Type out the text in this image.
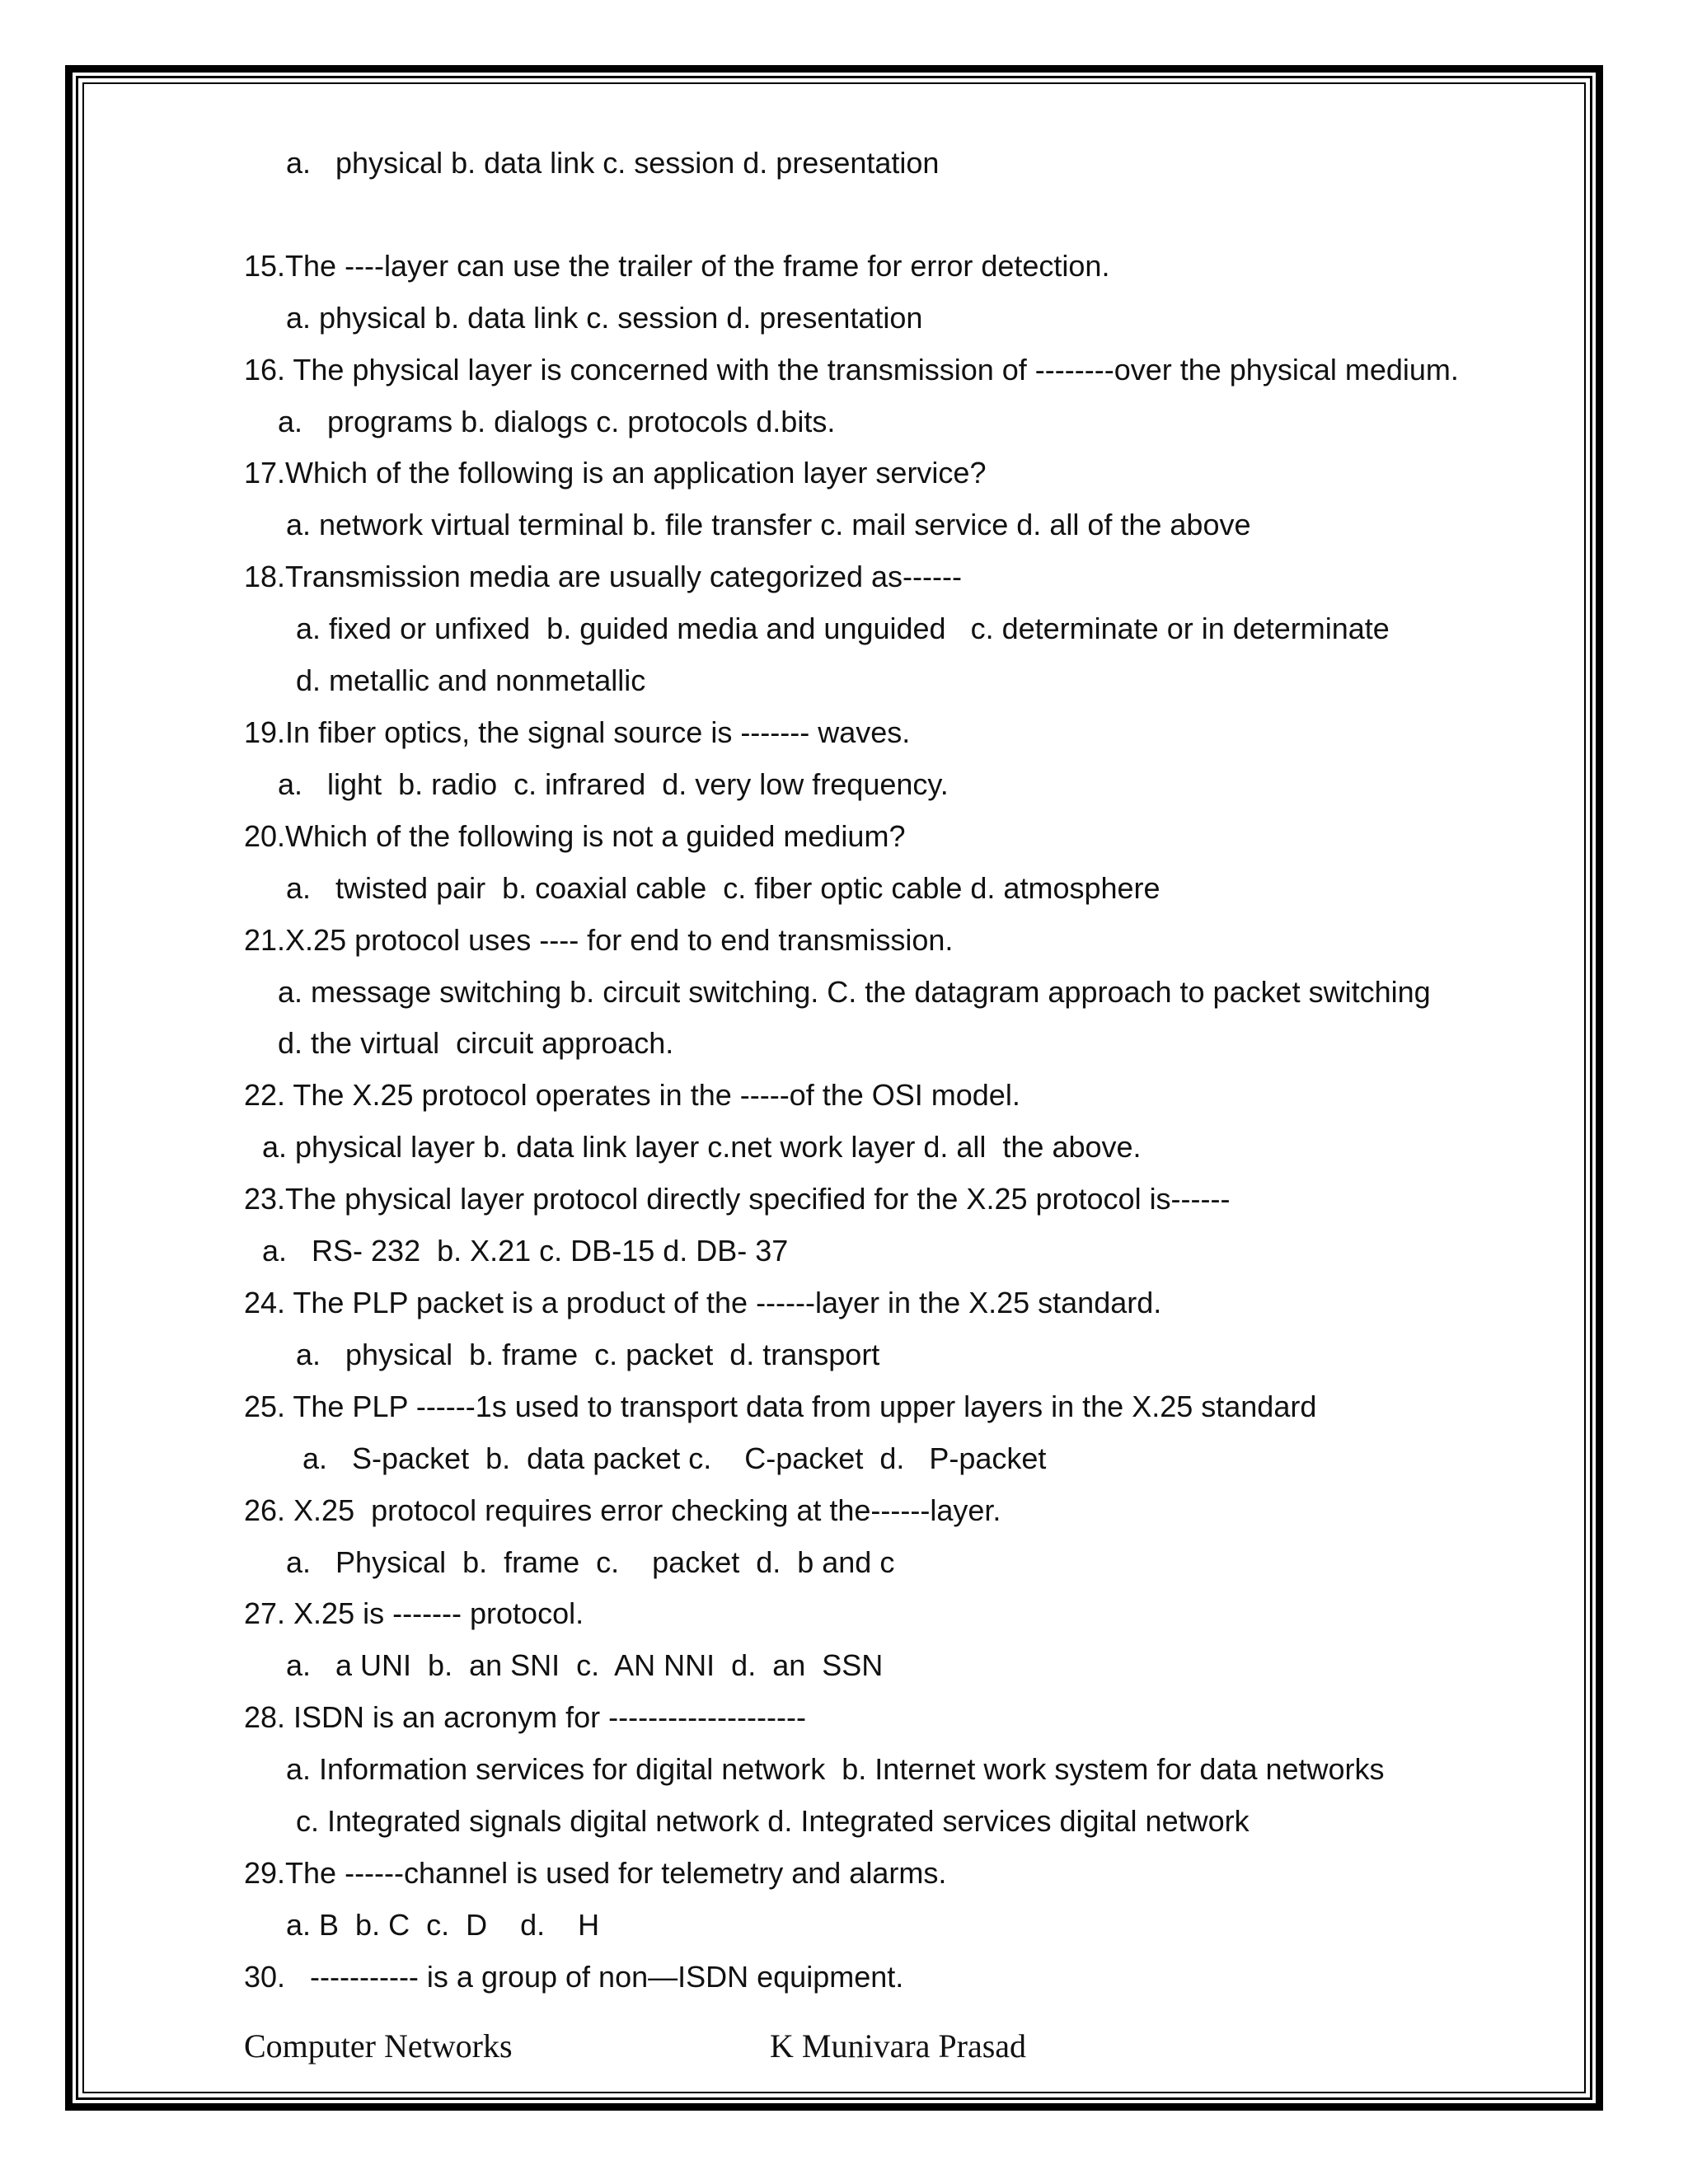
a.   physical b. data link c. session d. presentation
15.The ----layer can use the trailer of the frame for error detection.
a. physical b. data link c. session d. presentation
16. The physical layer is concerned with the transmission of --------over the physical medium.
a.   programs b. dialogs c. protocols d.bits.
17.Which of the following is an application layer service?
a. network virtual terminal b. file transfer c. mail service d. all of the above
18.Transmission media are usually categorized as------
a. fixed or unfixed  b. guided media and unguided   c. determinate or in determinate
d. metallic and nonmetallic
19.In fiber optics, the signal source is ------- waves.
a.   light  b. radio  c. infrared  d. very low frequency.
20.Which of the following is not a guided medium?
a.   twisted pair  b. coaxial cable  c. fiber optic cable d. atmosphere
21.X.25 protocol uses ---- for end to end transmission.
a. message switching b. circuit switching. C. the datagram approach to packet switching
d. the virtual  circuit approach.
22. The X.25 protocol operates in the -----of the OSI model.
a. physical layer b. data link layer c.net work layer d. all  the above.
23.The physical layer protocol directly specified for the X.25 protocol is------
a.   RS- 232  b. X.21 c. DB-15 d. DB- 37
24. The PLP packet is a product of the ------layer in the X.25 standard.
a.   physical  b. frame  c. packet  d. transport
25. The PLP ------1s used to transport data from upper layers in the X.25 standard
a.   S-packet  b.  data packet c.    C-packet  d.   P-packet
26. X.25  protocol requires error checking at the------layer.
a.   Physical  b.  frame  c.    packet  d.  b and c
27. X.25 is ------- protocol.
a.   a UNI  b.  an SNI  c.  AN NNI  d.  an  SSN
28. ISDN is an acronym for --------------------
a. Information services for digital network  b. Internet work system for data networks
c. Integrated signals digital network d. Integrated services digital network
29.The ------channel is used for telemetry and alarms.
a. B  b. C  c.  D    d.    H
30.   ----------- is a group of non—ISDN equipment.
Computer Networks	K Munivara Prasad
